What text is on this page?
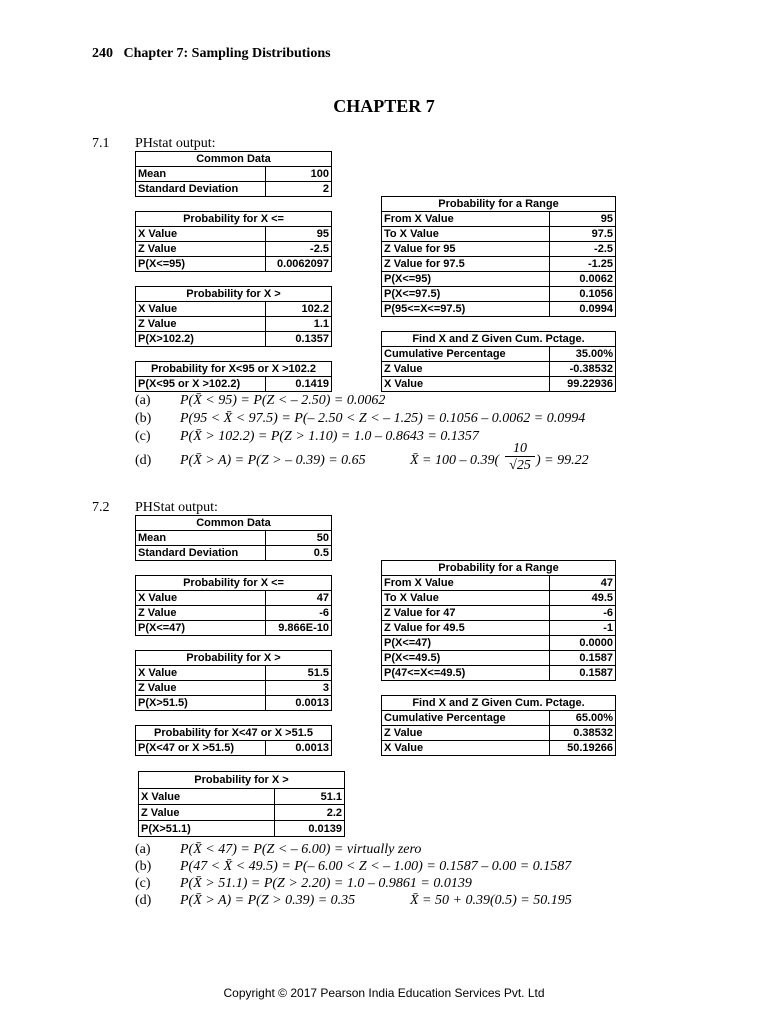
240 Chapter 7: Sampling Distributions
CHAPTER 7
7.1 PHstat output:
Common Data	
Mean	100
Standard Deviation	2
Probability for X <=	
X Value	95
Z Value	-2.5
P(X<=95)	0.0062097
Probability for X >	
X Value	102.2
Z Value	1.1
P(X>102.2)	0.1357
Probability for X<95 or X >102.2
P(X<95 or X >102.2)	0.1419
Probability for a Range	
From X Value	95
To X Value	97.5
Z Value for 95	-2.5
Z Value for 97.5	-1.25
P(X<=95)	0.0062
P(X<=97.5)	0.1056
P(95<=X<=97.5)	0.0994
Find X and Z Given Cum. Pctage.	
Cumulative Percentage	35.00%
Z Value	-0.38532
X Value	99.22936
(a) P(X̄ < 95) = P(Z < – 2.50) = 0.0062
(b) P(95 < X̄ < 97.5) = P(– 2.50 < Z < – 1.25) = 0.1056 – 0.0062 = 0.0994
(c) P(X̄ > 102.2) = P(Z > 1.10) = 1.0 – 0.8643 = 0.1357
(d) P(X̄ > A) = P(Z > – 0.39) = 0.65	X̄ = 100 – 0.39(
10
√25 ) = 99.22
7.2 PHStat output:
Common Data	
Mean	50
Standard Deviation	0.5
Probability for X <=	
X Value	47
Z Value	-6
P(X<=47)	9.866E-10
Probability for X >	
X Value	51.5
Z Value	3
P(X>51.5)	0.0013
Probability for X<47 or X >51.5
P(X<47 or X >51.5)	0.0013
Probability for a Range	
From X Value	47
To X Value	49.5
Z Value for 47	-6
Z Value for 49.5	-1
P(X<=47)	0.0000
P(X<=49.5)	0.1587
P(47<=X<=49.5)	0.1587
Find X and Z Given Cum. Pctage.	
Cumulative Percentage	65.00%
Z Value	0.38532
X Value	50.19266
Probability for X >	
X Value	51.1
Z Value	2.2
P(X>51.1)	0.0139
(a) P(X̄ < 47) = P(Z < – 6.00) = virtually zero
(b) P(47 < X̄ < 49.5) = P(– 6.00 < Z < – 1.00) = 0.1587 – 0.00 = 0.1587
(c) P(X̄ > 51.1) = P(Z > 2.20) = 1.0 – 0.9861 = 0.0139
(d) P(X̄ > A) = P(Z > 0.39) = 0.35	X̄ = 50 + 0.39(0.5) = 50.195
Copyright © 2017 Pearson India Education Services Pvt. Ltd
